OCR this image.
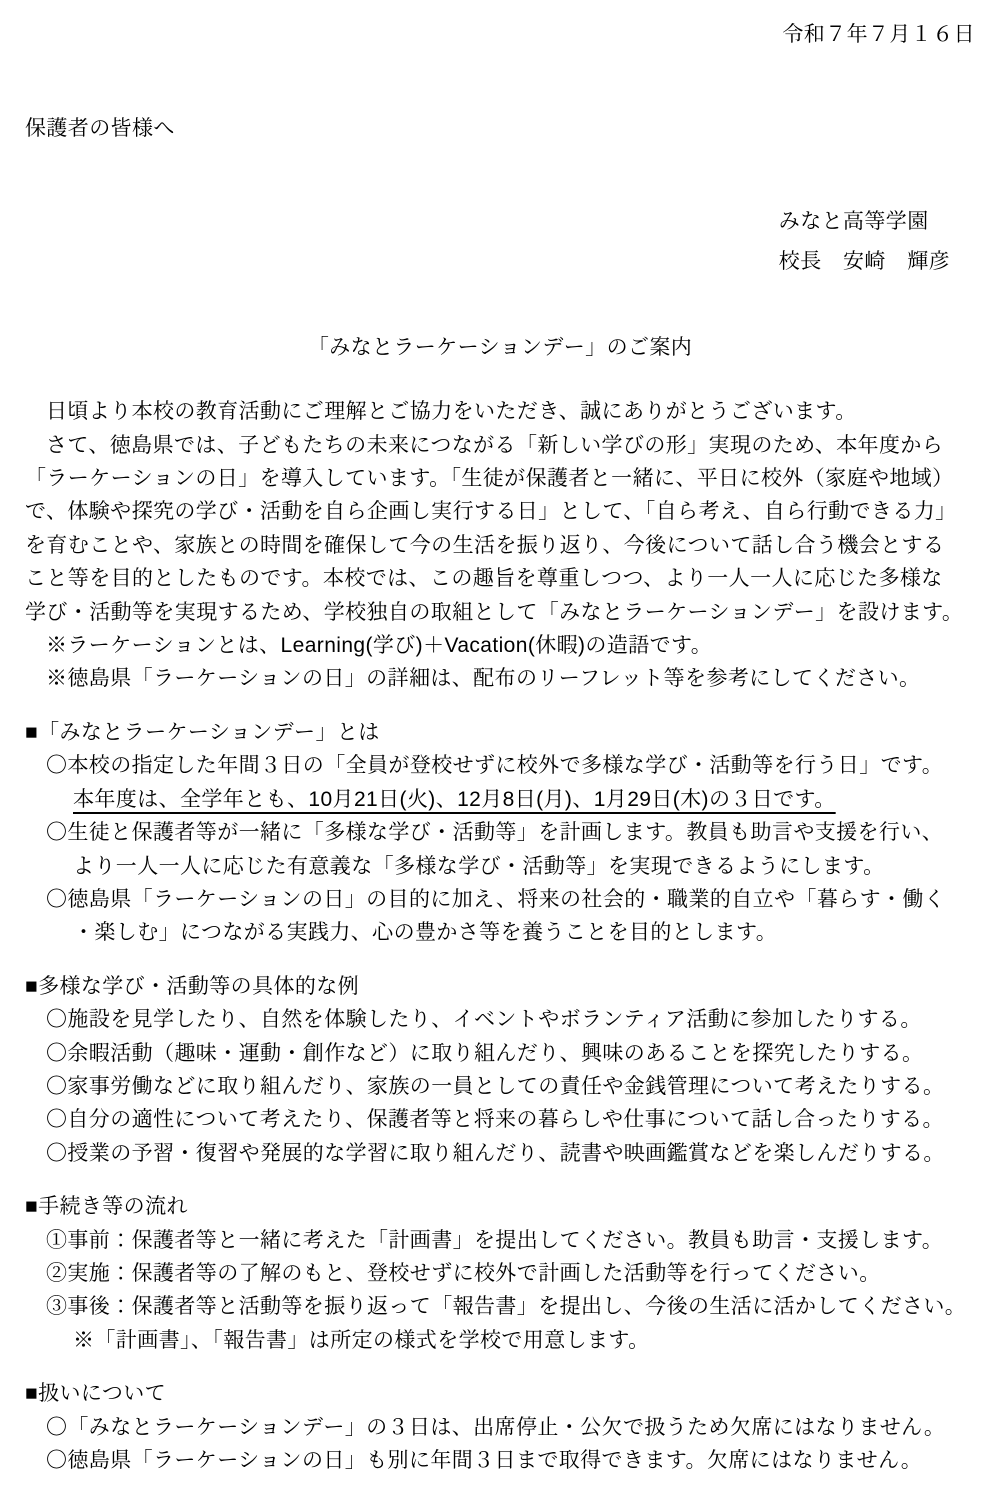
令和７年７月１６日
保護者の皆様へ
みなと高等学園
校長　安崎　輝彦
「みなとラーケーションデー」のご案内
日頃より本校の教育活動にご理解とご協力をいただき、誠にありがとうございます。
さて、徳島県では、子どもたちの未来につながる「新しい学びの形」実現のため、本年度から
「ラーケーションの日」を導入しています。「生徒が保護者と一緒に、平日に校外（家庭や地域）
で、体験や探究の学び・活動を自ら企画し実行する日」として、「自ら考え、自ら行動できる力」
を育むことや、家族との時間を確保して今の生活を振り返り、今後について話し合う機会とする
こと等を目的としたものです。本校では、この趣旨を尊重しつつ、より一人一人に応じた多様な
学び・活動等を実現するため、学校独自の取組として「みなとラーケーションデー」を設けます。
※ラーケーションとは、Learning(学び)＋Vacation(休暇)の造語です。
※徳島県「ラーケーションの日」の詳細は、配布のリーフレット等を参考にしてください。
■「みなとラーケーションデー」とは
〇本校の指定した年間３日の「全員が登校せずに校外で多様な学び・活動等を行う日」です。
本年度は、全学年とも、10月21日(火)、12月8日(月)、1月29日(木)の３日です。
〇生徒と保護者等が一緒に「多様な学び・活動等」を計画します。教員も助言や支援を行い、
より一人一人に応じた有意義な「多様な学び・活動等」を実現できるようにします。
〇徳島県「ラーケーションの日」の目的に加え、将来の社会的・職業的自立や「暮らす・働く
・楽しむ」につながる実践力、心の豊かさ等を養うことを目的とします。
■多様な学び・活動等の具体的な例
〇施設を見学したり、自然を体験したり、イベントやボランティア活動に参加したりする。
〇余暇活動（趣味・運動・創作など）に取り組んだり、興味のあることを探究したりする。
〇家事労働などに取り組んだり、家族の一員としての責任や金銭管理について考えたりする。
〇自分の適性について考えたり、保護者等と将来の暮らしや仕事について話し合ったりする。
〇授業の予習・復習や発展的な学習に取り組んだり、読書や映画鑑賞などを楽しんだりする。
■手続き等の流れ
①事前：保護者等と一緒に考えた「計画書」を提出してください。教員も助言・支援します。
②実施：保護者等の了解のもと、登校せずに校外で計画した活動等を行ってください。
③事後：保護者等と活動等を振り返って「報告書」を提出し、今後の生活に活かしてください。
※「計画書」、「報告書」は所定の様式を学校で用意します。
■扱いについて
〇「みなとラーケーションデー」の３日は、出席停止・公欠で扱うため欠席にはなりません。
〇徳島県「ラーケーションの日」も別に年間３日まで取得できます。欠席にはなりません。
